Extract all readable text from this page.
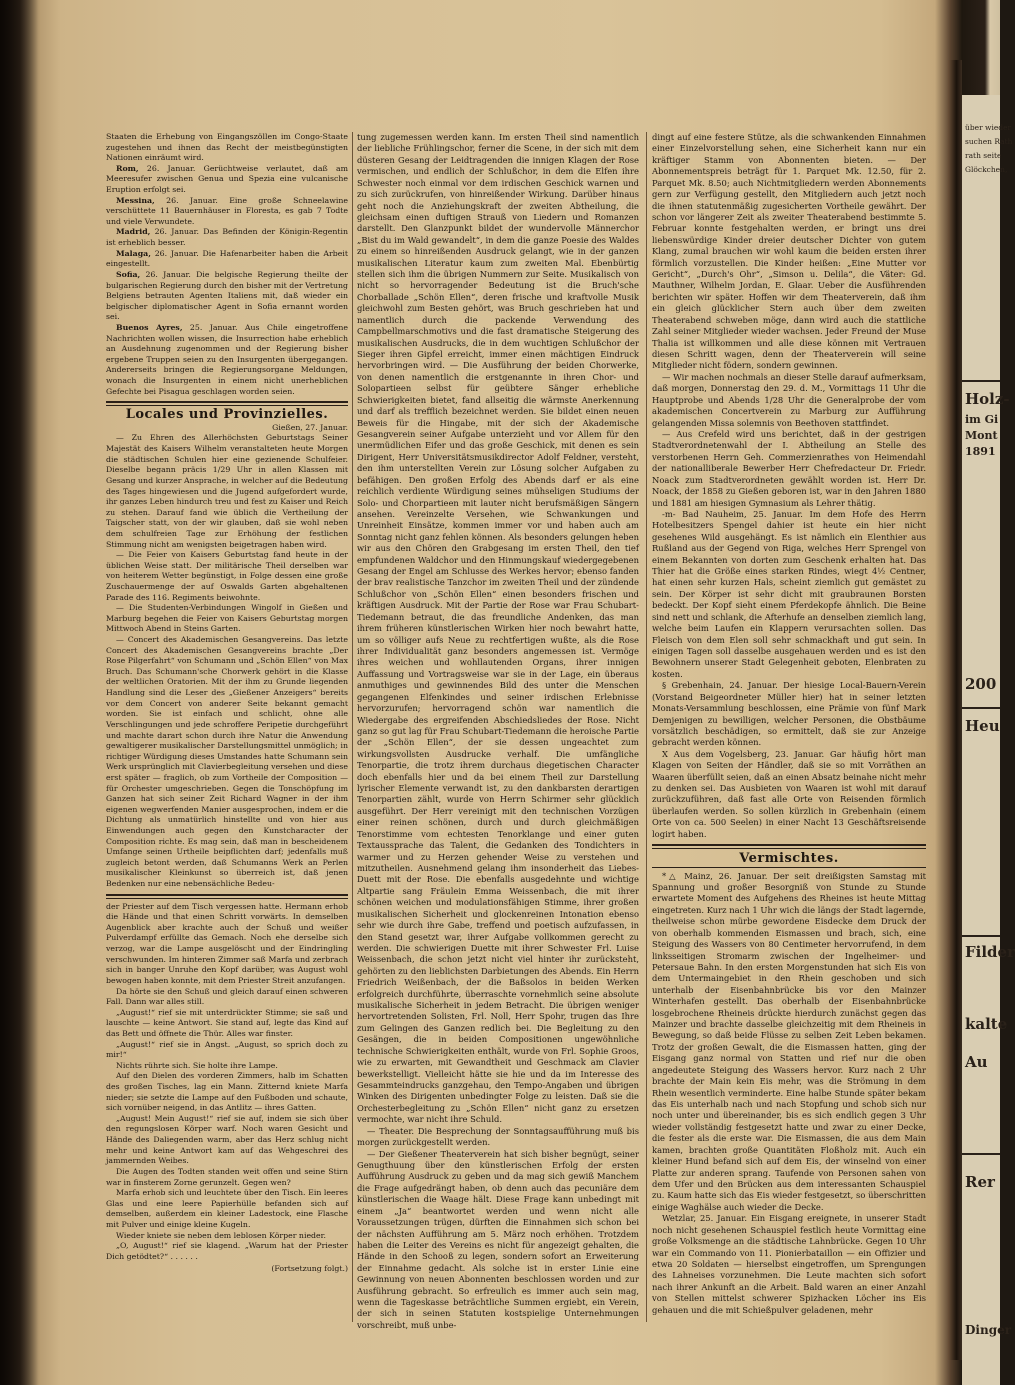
Staaten die Erhebung von Eingangszöllen im Congo-Staate zugestehen und ihnen das Recht der meistbegünstigten Nationen einräumt wird.

Rom, 26. Januar. Gerüchtweise verlautet, daß am Meeresufer zwischen Genua und Spezia eine vulcanische Eruption erfolgt sei.

Messina, 26. Januar. Eine große Schneelawine verschüttete 11 Bauernhäuser in Floresta, es gab 7 Todte und viele Verwundete.

Madrid, 26. Januar. Das Befinden der Königin-Regentin ist erheblich besser.

Malaga, 26. Januar. Die Hafenarbeiter haben die Arbeit eingestellt.

Sofia, 26. Januar. Die belgische Regierung theilte der bulgarischen Regierung durch den bisher mit der Vertretung Belgiens betrauten Agenten Italiens mit, daß wieder ein belgischer diplomatischer Agent in Sofia ernannt worden sei.

Buenos Ayres, 25. Januar. Aus Chile eingetroffene Nachrichten wollen wissen, die Insurrection habe erheblich an Ausdehnung zugenommen und der Regierung bisher ergebene Truppen seien zu den Insurgenten übergegangen. Andererseits bringen die Regierungsorgane Meldungen, wonach die Insurgenten in einem nicht unerheblichen Gefechte bei Pisagua geschlagen worden seien.

Locales und Provinzielles.

Gießen, 27. Januar.

— Zu Ehren des Allerhöchsten Geburtstags Seiner Majestät des Kaisers Wilhelm veranstalteten heute Morgen die städtischen Schulen hier eine gezienende Schulfeier. Dieselbe begann präcis 1/29 Uhr in allen Klassen mit Gesang und kurzer Ansprache, in welcher auf die Bedeutung des Tages hingewiesen und die Jugend aufgefordert wurde, ihr ganzes Leben hindurch treu und fest zu Kaiser und Reich zu stehen. Darauf fand wie üblich die Vertheilung der Taigscher statt, von der wir glauben, daß sie wohl neben dem schulfreien Tage zur Erhöhung der festlichen Stimmung nicht am wenigsten beigetragen haben wird.

— Die Feier von Kaisers Geburtstag fand heute in der üblichen Weise statt. Der militärische Theil derselben war von heiterem Wetter begünstigt, in Folge dessen eine große Zuschauermenge der auf Oswalds Garten abgehaltenen Parade des 116. Regiments beiwohnte.

— Die Studenten-Verbindungen Wingolf in Gießen und Marburg begehen die Feier von Kaisers Geburtstag morgen Mittwoch Abend in Steins Garten.

— Concert des Akademischen Gesangvereins. Das letzte Concert des Akademischen Gesangvereins brachte „Der Rose Pilgerfahrt“ von Schumann und „Schön Ellen“ von Max Bruch. Das Schumann'sche Chorwerk gehört in die Klasse der weltlichen Oratorien. Mit der ihm zu Grunde liegenden Handlung sind die Leser des „Gießener Anzeigers“ bereits vor dem Concert von anderer Seite bekannt gemacht worden. Sie ist einfach und schlicht, ohne alle Verschlingungen und jede schroffere Peripetie durchgeführt und machte darart schon durch ihre Natur die Anwendung gewaltigerer musikalischer Darstellungsmittel unmöglich; in richtiger Würdigung dieses Umstandes hatte Schumann sein Werk ursprünglich mit Clavierbegleitung versehen und diese erst später — fraglich, ob zum Vortheile der Composition — für Orchester umgeschrieben. Gegen die Tonschöpfung im Ganzen hat sich seiner Zeit Richard Wagner in der ihm eigenen wegwerfenden Manier ausgesprochen, indem er die Dichtung als unmatürlich hinstellte und von hier aus Einwendungen auch gegen den Kunstcharacter der Composition richte. Es mag sein, daß man in bescheidenem Umfange seinen Urtheile beipflichten darf; jedenfalls muß zugleich betont werden, daß Schumanns Werk an Perlen musikalischer Kleinkunst so überreich ist, daß jenen Bedenken nur eine nebensächliche Bedeu-

der Priester auf dem Tisch vergessen hatte. Hermann erhob die Hände und that einen Schritt vorwärts. In demselben Augenblick aber krachte auch der Schuß und weißer Pulverdampf erfüllte das Gemach. Noch ehe derselbe sich verzog, war die Lampe ausgelöscht und der Eindringling verschwunden. Im hinteren Zimmer saß Marfa und zerbrach sich in banger Unruhe den Kopf darüber, was August wohl bewogen haben konnte, mit dem Priester Streit anzufangen.

Da hörte sie den Schuß und gleich darauf einen schweren Fall. Dann war alles still.

„August!“ rief sie mit unterdrückter Stimme; sie saß und lauschte — keine Antwort. Sie stand auf, legte das Kind auf das Bett und öffnete die Thür. Alles war finster.

„August!“ rief sie in Angst. „August, so sprich doch zu mir!“

Nichts rührte sich. Sie holte ihre Lampe.

Auf den Dielen des vorderen Zimmers, halb im Schatten des großen Tisches, lag ein Mann. Zitternd kniete Marfa nieder; sie setzte die Lampe auf den Fußboden und schaute, sich vornüber neigend, in das Antlitz — ihres Gatten.

„August! Mein August!“ rief sie auf, indem sie sich über den regungslosen Körper warf. Noch waren Gesicht und Hände des Daliegenden warm, aber das Herz schlug nicht mehr und keine Antwort kam auf das Wehgeschrei des jammernden Weibes.

Die Augen des Todten standen weit offen und seine Stirn war in finsterem Zorne gerunzelt. Gegen wen?

Marfa erhob sich und leuchtete über den Tisch. Ein leeres Glas und eine leere Papierhülle befanden sich auf demselben, außerdem ein kleiner Ladestock, eine Flasche mit Pulver und einige kleine Kugeln.

Wieder kniete sie neben dem leblosen Körper nieder.

„O, August!“ rief sie klagend. „Warum hat der Priester Dich getödtet?“ . . . . . .

(Fortsetzung folgt.)

tung zugemessen werden kann. Im ersten Theil sind namentlich der liebliche Frühlingschor, ferner die Scene, in der sich mit dem düsteren Gesang der Leidtragenden die innigen Klagen der Rose vermischen, und endlich der Schlußchor, in dem die Elfen ihre Schwester noch einmal vor dem irdischen Geschick warnen und zu sich zurückrufen, von hinreißender Wirkung. Darüber hinaus geht noch die Anziehungskraft der zweiten Abtheilung, die gleichsam einen duftigen Strauß von Liedern und Romanzen darstellt. Den Glanzpunkt bildet der wundervolle Männerchor „Bist du im Wald gewandelt“, in dem die ganze Poesie des Waldes zu einem so hinreißenden Ausdruck gelangt, wie in der ganzen musikalischen Literatur kaum zum zweiten Mal. Ebenbürtig stellen sich ihm die übrigen Nummern zur Seite. Musikalisch von nicht so hervorragender Bedeutung ist die Bruch'sche Chorballade „Schön Ellen“, deren frische und kraftvolle Musik gleichwohl zum Besten gehört, was Bruch geschrieben hat und namentlich durch die packende Verwendung des Campbellmarschmotivs und die fast dramatische Steigerung des musikalischen Ausdrucks, die in dem wuchtigen Schlußchor der Sieger ihren Gipfel erreicht, immer einen mächtigen Eindruck hervorbringen wird. — Die Ausführung der beiden Chorwerke, von denen namentlich die erstgenannte in ihren Chor- und Solopartieen selbst für geübtere Sänger erhebliche Schwierigkeiten bietet, fand allseitig die wärmste Anerkennung und darf als trefflich bezeichnet werden. Sie bildet einen neuen Beweis für die Hingabe, mit der sich der Akademische Gesangverein seiner Aufgabe unterzieht und vor Allem für den unermüdlichen Eifer und das große Geschick, mit denen es sein Dirigent, Herr Universitätsmusikdirector Adolf Feldner, versteht, den ihm unterstellten Verein zur Lösung solcher Aufgaben zu befähigen. Den großen Erfolg des Abends darf er als eine reichlich verdiente Würdigung seines mühseligen Studiums der Solo- und Chorpartieen mit lauter nicht berufsmäßigen Sängern ansehen. Vereinzelte Versehen, wie Schwankungen und Unreinheit Einsätze, kommen immer vor und haben auch am Sonntag nicht ganz fehlen können. Als besonders gelungen heben wir aus den Chören den Grabgesang im ersten Theil, den tief empfundenen Waldchor und den Hinmungskauf wiedergegebenen Gesang der Engel am Schlusse des Werkes hervor; ebenso fanden der brav realistische Tanzchor im zweiten Theil und der zündende Schlußchor von „Schön Ellen“ einen besonders frischen und kräftigen Ausdruck. Mit der Partie der Rose war Frau Schubart-Tiedemann betraut, die das freundliche Andenken, das man ihrem früheren künstlerischen Wirken hier noch bewahrt hatte, um so völliger aufs Neue zu rechtfertigen wußte, als die Rose ihrer Individualität ganz besonders angemessen ist. Vermöge ihres weichen und wohllautenden Organs, ihrer innigen Auffassung und Vortragsweise war sie in der Lage, ein überaus anmuthiges und gewinnendes Bild des unter die Menschen gegangenen Elfenkindes und seiner irdischen Erlebnisse hervorzurufen; hervorragend schön war namentlich die Wiedergabe des ergreifenden Abschiedsliedes der Rose. Nicht ganz so gut lag für Frau Schubart-Tiedemann die heroische Partie der „Schön Ellen“, der sie dessen ungeachtet zum wirkungsvollsten Ausdrucke verhalf. Die umfängliche Tenorpartie, die trotz ihrem durchaus diegetischen Character doch ebenfalls hier und da bei einem Theil zur Darstellung lyrischer Elemente verwandt ist, zu den dankbarsten derartigen Tenorpartien zählt, wurde von Herrn Schirmer sehr glücklich ausgeführt. Der Herr vereinigt mit den technischen Vorzügen einer reinen schönen, durch und durch gleichmäßigen Tenorstimme vom echtesten Tenorklange und einer guten Textaussprache das Talent, die Gedanken des Tondichters in warmer und zu Herzen gehender Weise zu verstehen und mitzutheilen. Ausnehmend gelang ihm insonderheit das Liebes-Duett mit der Rose. Die ebenfalls ausgedehnte und wichtige Altpartie sang Fräulein Emma Weissenbach, die mit ihrer schönen weichen und modulationsfähigen Stimme, ihrer großen musikalischen Sicherheit und glockenreinen Intonation ebenso sehr wie durch ihre Gabe, treffend und poetisch aufzufassen, in den Stand gesetzt war, ihrer Aufgabe vollkommen gerecht zu werden. Die schwierigen Duette mit ihrer Schwester Frl. Luise Weissenbach, die schon jetzt nicht viel hinter ihr zurücksteht, gehörten zu den lieblichsten Darbietungen des Abends. Ein Herrn Friedrich Weißenbach, der die Baßsolos in beiden Werken erfolgreich durchführte, überraschte vornehmlich seine absolute musikalische Sicherheit in jedem Betracht. Die übrigen weniger hervortretenden Solisten, Frl. Noll, Herr Spohr, trugen das Ihre zum Gelingen des Ganzen redlich bei. Die Begleitung zu den Gesängen, die in beiden Compositionen ungewöhnliche technische Schwierigkeiten enthält, wurde von Frl. Sophie Groos, wie zu erwarten, mit Gewandtheit und Geschmack am Clavier bewerkstelligt. Vielleicht hätte sie hie und da im Interesse des Gesammteindrucks ganzgehau, den Tempo-Angaben und übrigen Winken des Dirigenten unbedingter Folge zu leisten. Daß sie die Orchesterbegleitung zu „Schön Ellen“ nicht ganz zu ersetzen vermochte, war nicht ihre Schuld.

— Theater. Die Besprechung der Sonntagsaufführung muß bis morgen zurückgestellt werden.

— Der Gießener Theaterverein hat sich bisher begnügt, seiner Genugthuung über den künstlerischen Erfolg der ersten Aufführung Ausdruck zu geben und da mag sich gewiß Manchem die Frage aufgedrängt haben, ob denn auch das pecuniäre dem künstlerischen die Waage hält. Diese Frage kann unbedingt mit einem „Ja“ beantwortet werden und wenn nicht alle Voraussetzungen trügen, dürften die Einnahmen sich schon bei der nächsten Aufführung am 5. März noch erhöhen. Trotzdem haben die Leiter des Vereins es nicht für angezeigt gehalten, die Hände in den Schooß zu legen, sondern sofort an Erweiterung der Einnahme gedacht. Als solche ist in erster Linie eine Gewinnung von neuen Abonnenten beschlossen worden und zur Ausführung gebracht. So erfreulich es immer auch sein mag, wenn die Tageskasse beträchtliche Summen ergiebt, ein Verein, der sich in seinen Statuten kostspielige Unternehmungen vorschreibt, muß unbe-

dingt auf eine festere Stütze, als die schwankenden Einnahmen einer Einzelvorstellung sehen, eine Sicherheit kann nur ein kräftiger Stamm von Abonnenten bieten. — Der Abonnementspreis beträgt für 1. Parquet Mk. 12.50, für 2. Parquet Mk. 8.50; auch Nichtmitgliedern werden Abonnements gern zur Verfügung gestellt, den Mitgliedern auch jetzt noch die ihnen statutenmäßig zugesicherten Vortheile gewährt. Der schon vor längerer Zeit als zweiter Theaterabend bestimmte 5. Februar konnte festgehalten werden, er bringt uns drei liebenswürdige Kinder dreier deutscher Dichter von gutem Klang, zumal brauchen wir wohl kaum die beiden ersten ihrer förmlich vorzustellen. Die Kinder heißen: „Eine Mutter vor Gericht“, „Durch's Ohr“, „Simson u. Delila“, die Väter: Gd. Mauthner, Wilhelm Jordan, E. Glaar. Ueber die Ausführenden berichten wir später. Hoffen wir dem Theaterverein, daß ihm ein gleich glücklicher Stern auch über dem zweiten Theaterabend schweben möge, dann wird auch die stattliche Zahl seiner Mitglieder wieder wachsen. Jeder Freund der Muse Thalia ist willkommen und alle diese können mit Vertrauen diesen Schritt wagen, denn der Theaterverein will seine Mitglieder nicht födern, sondern gewinnen.

— Wir machen nochmals an dieser Stelle darauf aufmerksam, daß morgen, Donnerstag den 29. d. M., Vormittags 11 Uhr die Hauptprobe und Abends 1/28 Uhr die Generalprobe der vom akademischen Concertverein zu Marburg zur Aufführung gelangenden Missa solemnis von Beethoven stattfindet.

— Aus Crefeld wird uns berichtet, daß in der gestrigen Stadtverordnetenwahl der I. Abtheilung an Stelle des verstorbenen Herrn Geh. Commerzienrathes von Heimendahl der nationalliberale Bewerber Herr Chefredacteur Dr. Friedr. Noack zum Stadtverordneten gewählt worden ist. Herr Dr. Noack, der 1858 zu Gießen geboren ist, war in den Jahren 1880 und 1881 am hiesigen Gymnasium als Lehrer thätig.

-m- Bad Nauheim, 25. Januar. Im dem Hofe des Herrn Hotelbesitzers Spengel dahier ist heute ein hier nicht gesehenes Wild ausgehängt. Es ist nämlich ein Elenthier aus Rußland aus der Gegend von Riga, welches Herr Sprengel von einem Bekannten von dorten zum Geschenk erhalten hat. Das Thier hat die Größe eines starken Rindes, wiegt 4½ Centner, hat einen sehr kurzen Hals, scheint ziemlich gut gemästet zu sein. Der Körper ist sehr dicht mit graubraunen Borsten bedeckt. Der Kopf sieht einem Pferdekopfe ähnlich. Die Beine sind nett und schlank, die Afterhufe an denselben ziemlich lang, welche beim Laufen ein Klappern verursachten sollen. Das Fleisch von dem Elen soll sehr schmackhaft und gut sein. In einigen Tagen soll dasselbe ausgehauen werden und es ist den Bewohnern unserer Stadt Gelegenheit geboten, Elenbraten zu kosten.

§ Grebenhain, 24. Januar. Der hiesige Local-Bauern-Verein (Vorstand Beigeordneter Müller hier) hat in seiner letzten Monats-Versammlung beschlossen, eine Prämie von fünf Mark Demjenigen zu bewilligen, welcher Personen, die Obstbäume vorsätzlich beschädigen, so ermittelt, daß sie zur Anzeige gebracht werden können.

X Aus dem Vogelsberg, 23. Januar. Gar häufig hört man Klagen von Seiten der Händler, daß sie so mit Vorräthen an Waaren überfüllt seien, daß an einen Absatz beinahe nicht mehr zu denken sei. Das Ausbieten von Waaren ist wohl mit darauf zurückzuführen, daß fast alle Orte von Reisenden förmlich überlaufen werden. So sollen kürzlich in Grebenhain (einem Orte von ca. 500 Seelen) in einer Nacht 13 Geschäftsreisende logirt haben.

Vermischtes.

*△ Mainz, 26. Januar. Der seit dreißigsten Samstag mit Spannung und großer Besorgniß von Stunde zu Stunde erwartete Moment des Aufgehens des Rheines ist heute Mittag eingetreten. Kurz nach 1 Uhr wich die längs der Stadt lagernde, theilweise schon mürbe gewordene Eisdecke dem Druck der von oberhalb kommenden Eismassen und brach, sich, eine Steigung des Wassers von 80 Centimeter hervorrufend, in dem linksseitigen Stromarm zwischen der Ingelheimer- und Petersaue Bahn. In den ersten Morgenstunden hat sich Eis von dem Untermaingebiet in den Rhein geschoben und sich unterhalb der Eisenbahnbrücke bis vor den Mainzer Winterhafen gestellt. Das oberhalb der Eisenbahnbrücke losgebrochene Rheineis drückte hierdurch zunächst gegen das Mainzer und brachte dasselbe gleichzeitig mit dem Rheineis in Bewegung, so daß beide Flüsse zu selben Zeit Leben bekamen. Trotz der großen Gewalt, die die Eismassen hatten, ging der Eisgang ganz normal von Statten und rief nur die oben angedeutete Steigung des Wassers hervor. Kurz nach 2 Uhr brachte der Main kein Eis mehr, was die Strömung in dem Rhein wesentlich verminderte. Eine halbe Stunde später bekam das Eis unterhalb nach und nach Stopfung und schob sich nur noch unter und übereinander, bis es sich endlich gegen 3 Uhr wieder vollständig festgesetzt hatte und zwar zu einer Decke, die fester als die erste war. Die Eismassen, die aus dem Main kamen, brachten große Quantitäten Floßholz mit. Auch ein kleiner Hund befand sich auf dem Eis, der winselnd von einer Platte zur anderen sprang. Taufende von Personen sahen von dem Ufer und den Brücken aus dem interessanten Schauspiel zu. Kaum hatte sich das Eis wieder festgesetzt, so überschritten einige Waghälse auch wieder die Decke.

Wetzlar, 25. Januar. Ein Eisgang ereignete, in unserer Stadt noch nicht gesehenen Schauspiel festlich heute Vormittag eine große Volksmenge an die städtische Lahnbrücke. Gegen 10 Uhr war ein Commando von 11. Pionierbataillon — ein Offizier und etwa 20 Soldaten — hierselbst eingetroffen, um Sprengungen des Lahneises vorzunehmen. Die Leute machten sich sofort nach ihrer Ankunft an die Arbeit. Bald waren an einer Anzahl von Stellen mittelst schwerer Spizhacken Löcher ins Eis gehauen und die mit Schießpulver geladenen, mehr

über wieder
suchen Rath
rath seite
Glöckchen,
Holz-
im Gi
Mont
1891
200
Heu
Filder
kalte
Au
Rer
Dinger
